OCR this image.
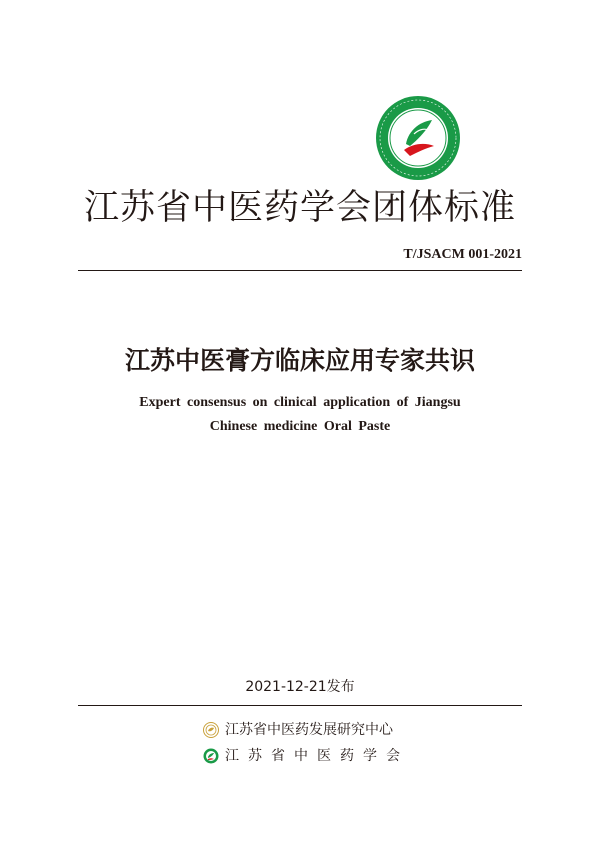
江苏省中医药学会团体标准
T/JSACM 001-2021
江苏中医膏方临床应用专家共识
Expert consensus on clinical application of Jiangsu
Chinese medicine Oral Paste
2021-12-21发布
江苏省中医药发展研究中心
江苏省中医药学会
